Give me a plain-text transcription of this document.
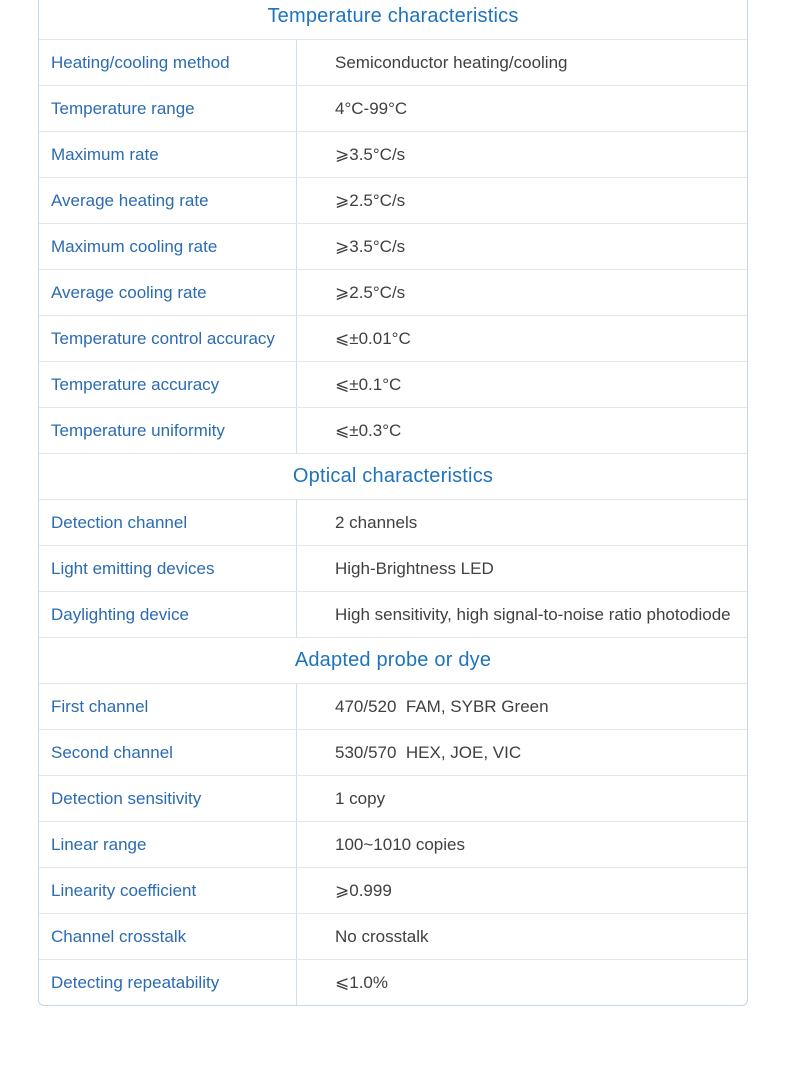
Temperature characteristics
Heating/cooling method	Semiconductor heating/cooling
Temperature range	4°C-99°C
Maximum rate	⩾3.5°C/s
Average heating rate	⩾2.5°C/s
Maximum cooling rate	⩾3.5°C/s
Average cooling rate	⩾2.5°C/s
Temperature control accuracy	⩽±0.01°C
Temperature accuracy	⩽±0.1°C
Temperature uniformity	⩽±0.3°C
Optical characteristics
Detection channel	2 channels
Light emitting devices	High-Brightness LED
Daylighting device	High sensitivity, high signal-to-noise ratio photodiode
Adapted probe or dye
First channel	470/520  FAM, SYBR Green
Second channel	530/570  HEX, JOE, VIC
Detection sensitivity	1 copy
Linear range	100~1010 copies
Linearity coefficient	⩾0.999
Channel crosstalk	No crosstalk
Detecting repeatability	⩽1.0%
